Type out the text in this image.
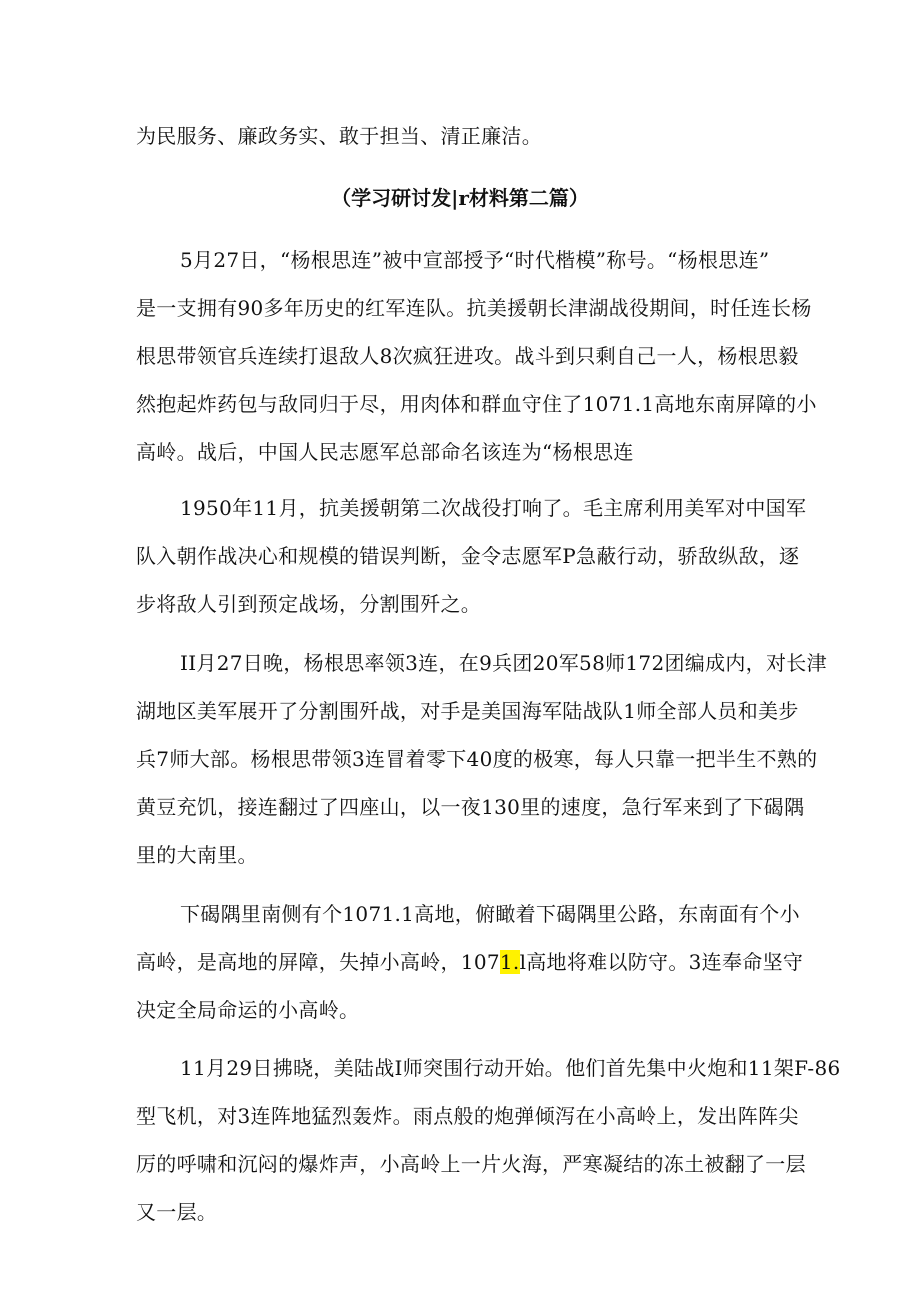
为民服务、廉政务实、敢于担当、清正廉洁。
（学习研讨发|r材料第二篇）
5月27日，“杨根思连”被中宣部授予“时代楷模”称号。“杨根思连”
是一支拥有90多年历史的红军连队。抗美援朝长津湖战役期间，时任连长杨
根思带领官兵连续打退敌人8次疯狂进攻。战斗到只剩自己一人，杨根思毅
然抱起炸药包与敌同归于尽，用肉体和群血守住了1071.1高地东南屏障的小
高岭。战后，中国人民志愿军总部命名该连为“杨根思连
1950年11月，抗美援朝第二次战役打响了。毛主席利用美军对中国军
队入朝作战决心和规模的错误判断，金令志愿军P急蔽行动，骄敌纵敌，逐
步将敌人引到预定战场，分割围歼之。
II月27日晚，杨根思率领3连，在9兵团20军58师172团编成内，对长津
湖地区美军展开了分割围歼战，对手是美国海军陆战队1师全部人员和美步
兵7师大部。杨根思带领3连冒着零下40度的极寒，每人只靠一把半生不熟的
黄豆充饥，接连翻过了四座山，以一夜130里的速度，急行军来到了下碣隅
里的大南里。
下碣隅里南侧有个1071.1高地，俯瞰着下碣隅里公路，东南面有个小
高岭，是高地的屏障，失掉小高岭，1071.l高地将难以防守。3连奉命坚守
决定全局命运的小高岭。
11月29日拂晓，美陆战I师突围行动开始。他们首先集中火炮和11架F-86
型飞机，对3连阵地猛烈轰炸。雨点般的炮弹倾泻在小高岭上，发出阵阵尖
厉的呼啸和沉闷的爆炸声，小高岭上一片火海，严寒凝结的冻土被翻了一层
又一层。
